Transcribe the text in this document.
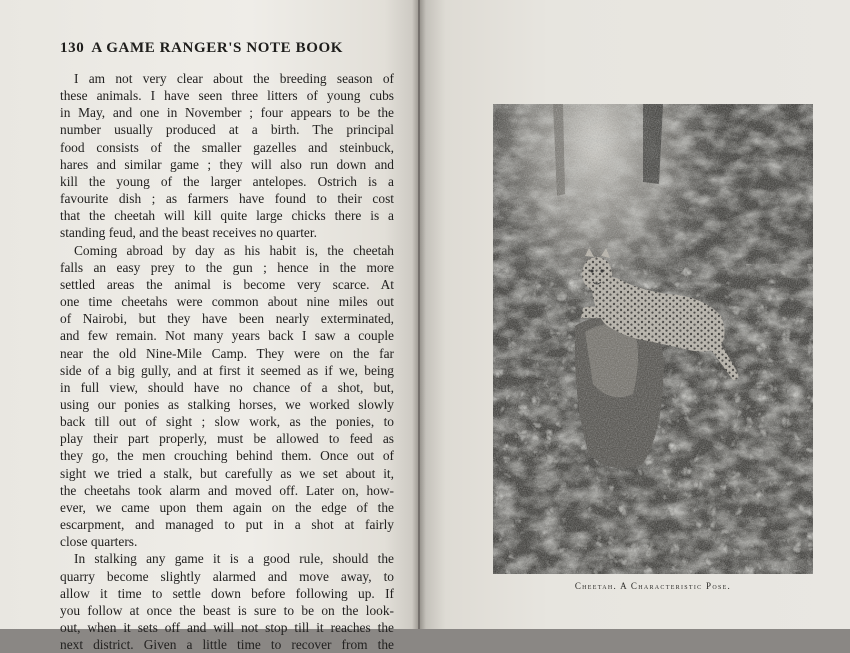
130 A GAME RANGER'S NOTE BOOK
I am not very clear about the breeding season of
these animals. I have seen three litters of young cubs
in May, and one in November ; four appears to be the
number usually produced at a birth. The principal
food consists of the smaller gazelles and steinbuck,
hares and similar game ; they will also run down and
kill the young of the larger antelopes. Ostrich is a
favourite dish ; as farmers have found to their cost
that the cheetah will kill quite large chicks there is a
standing feud, and the beast receives no quarter.
Coming abroad by day as his habit is, the cheetah
falls an easy prey to the gun ; hence in the more
settled areas the animal is become very scarce. At
one time cheetahs were common about nine miles out
of Nairobi, but they have been nearly exterminated,
and few remain. Not many years back I saw a couple
near the old Nine-Mile Camp. They were on the far
side of a big gully, and at first it seemed as if we, being
in full view, should have no chance of a shot, but,
using our ponies as stalking horses, we worked slowly
back till out of sight ; slow work, as the ponies, to
play their part properly, must be allowed to feed as
they go, the men crouching behind them. Once out of
sight we tried a stalk, but carefully as we set about it,
the cheetahs took alarm and moved off. Later on, how-
ever, we came upon them again on the edge of the
escarpment, and managed to put in a shot at fairly
close quarters.
In stalking any game it is a good rule, should the
quarry become slightly alarmed and move away, to
allow it time to settle down before following up. If
you follow at once the beast is sure to be on the look-
out, when it sets off and will not stop till it reaches the
next district. Given a little time to recover from the
Cheetah. A Characteristic Pose.
